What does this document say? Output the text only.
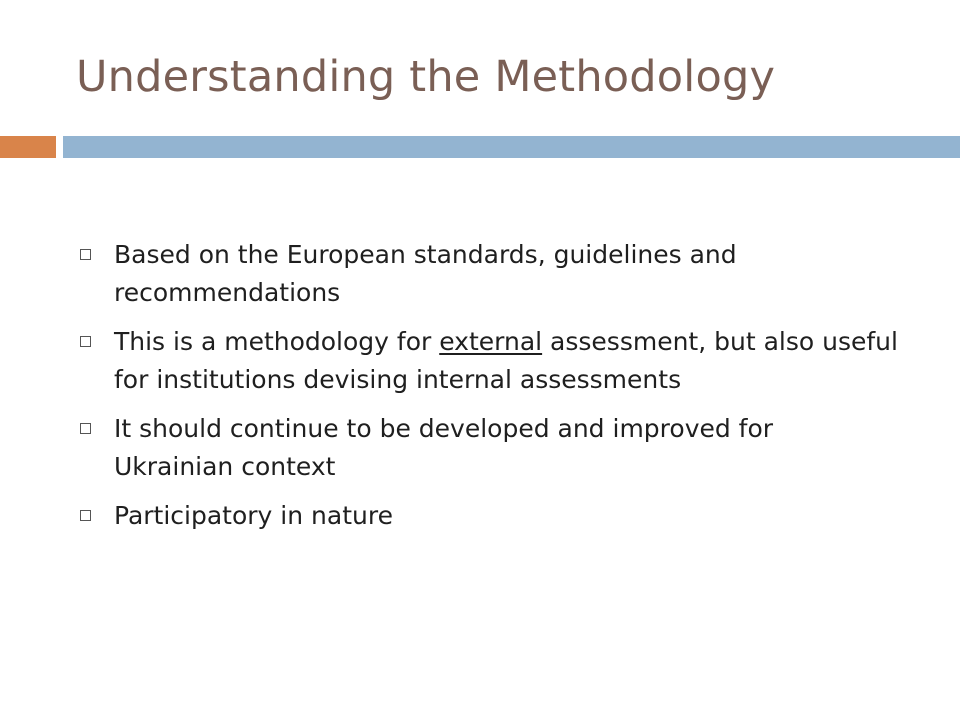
Understanding the Methodology
Based on the European standards, guidelines and recommendations
This is a methodology for external assessment, but also useful for institutions devising internal assessments
It should continue to be developed and improved for Ukrainian context
Participatory in nature
